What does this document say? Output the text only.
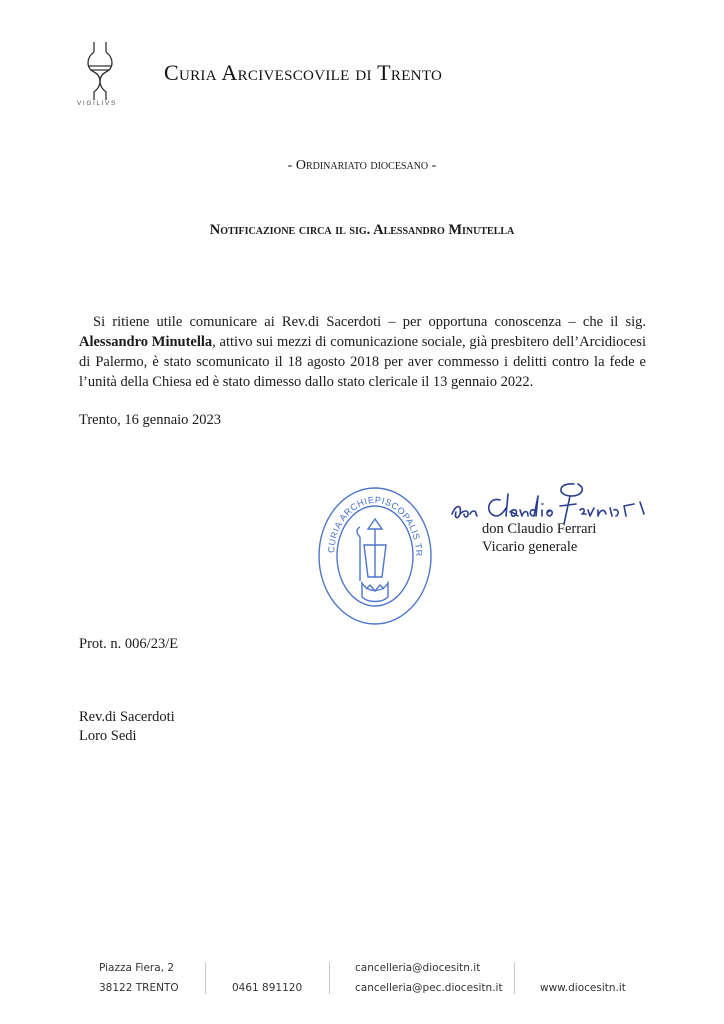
VIGILIVS
Curia Arcivescovile di Trento
- Ordinariato diocesano -
Notificazione circa il sig. Alessandro Minutella

Si ritiene utile comunicare ai Rev.di Sacerdoti – per opportuna conoscenza – che il sig. Alessandro Minutella, attivo sui mezzi di comunicazione sociale, già presbitero dell’Arcidiocesi di Palermo, è stato scomunicato il 18 agosto 2018 per aver commesso i delitti contro la fede e l’unità della Chiesa ed è stato dimesso dallo stato clericale il 13 gennaio 2022.

Trento, 16 gennaio 2023
CURIA ARCHIEPISCOPALIS TR
don Claudio Ferrari don Claudio Ferrari
Vicario generale
Prot. n. 006/23/E
Rev.di Sacerdoti
Loro Sedi
Piazza Fiera, 2
38122 TRENTO	0461 891120
cancelleria@diocesitn.it
cancelleria@pec.diocesitn.it	www.diocesitn.it
